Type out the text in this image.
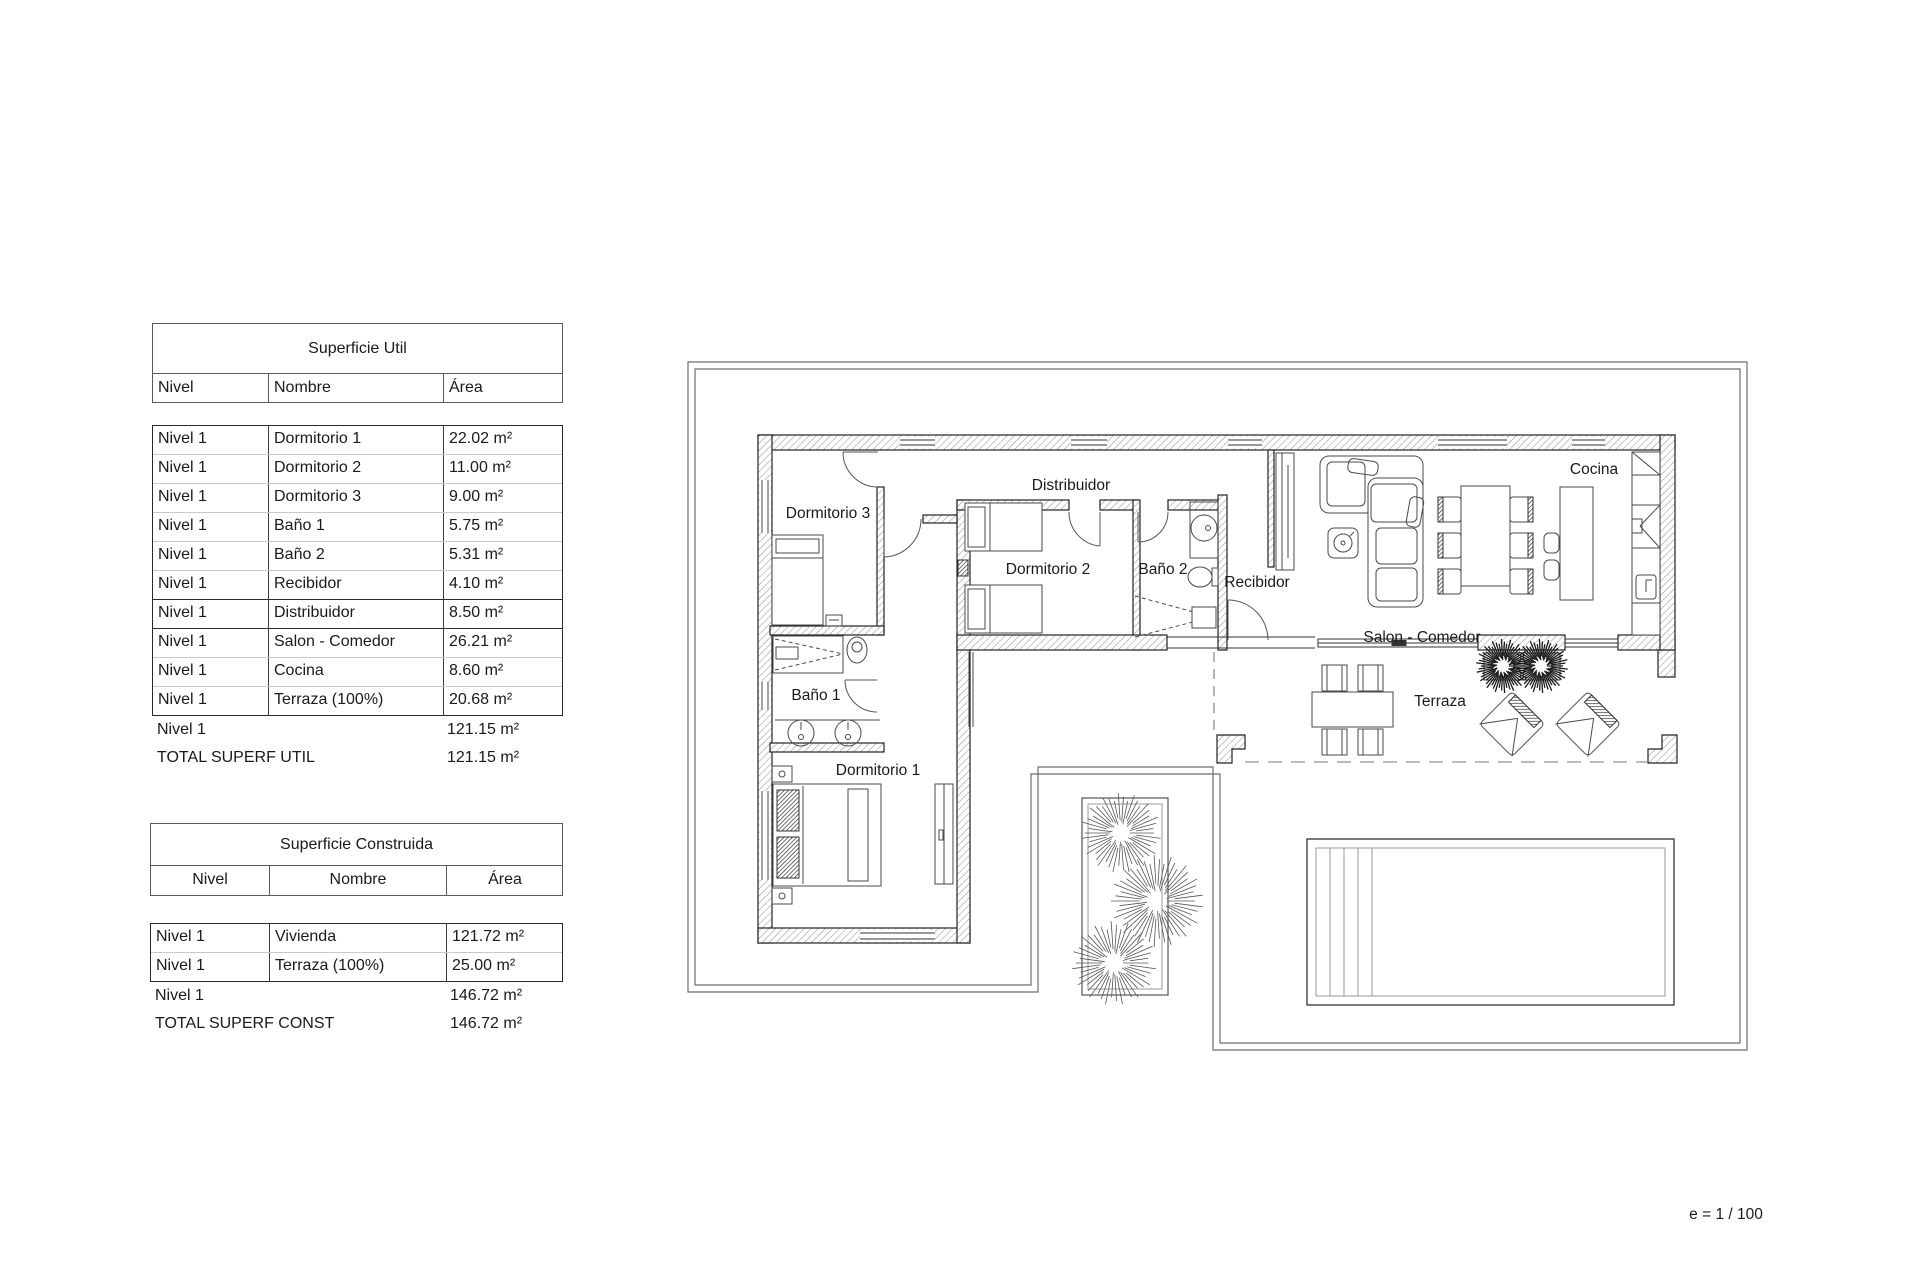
Superficie Util
Nivel	Nombre	Área
Nivel 1	Dormitorio 1	22.02 m²
Nivel 1	Dormitorio 2	11.00 m²
Nivel 1	Dormitorio 3	9.00 m²
Nivel 1	Baño 1	5.75 m²
Nivel 1	Baño 2	5.31 m²
Nivel 1	Recibidor	4.10 m²
Nivel 1	Distribuidor	8.50 m²
Nivel 1	Salon - Comedor	26.21 m²
Nivel 1	Cocina	8.60 m²
Nivel 1	Terraza (100%)	20.68 m²
Nivel 1	121.15 m²
TOTAL SUPERF UTIL	121.15 m²
Superficie Construida
Nivel	Nombre	Área
Nivel 1	Vivienda	121.72 m²
Nivel 1	Terraza (100%)	25.00 m²
Nivel 1	146.72 m²
TOTAL SUPERF CONST	146.72 m²
Dormitorio 3
Distribuidor
Dormitorio 2	Baño 2
Recibidor
Cocina
Salon - Comedor
Baño 1
Dormitorio 1
Terraza
e = 1 / 100
